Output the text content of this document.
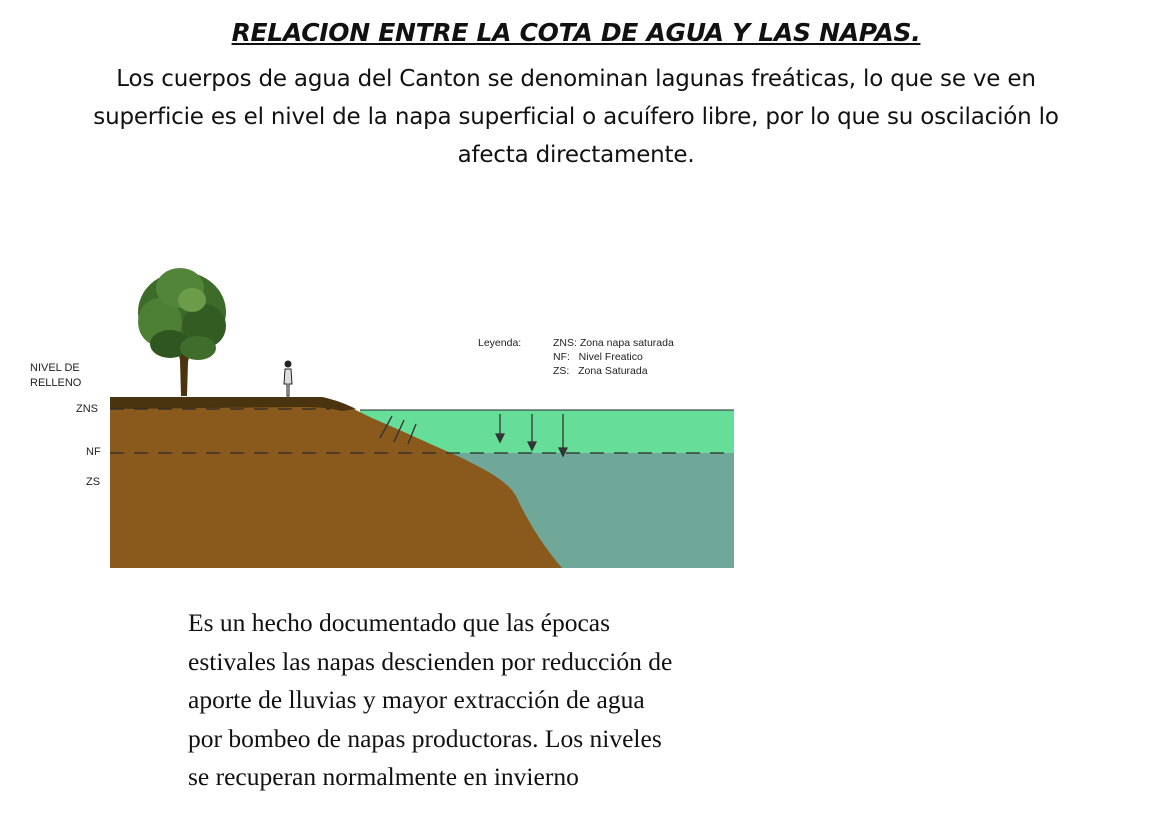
RELACION ENTRE LA COTA DE AGUA Y LAS NAPAS.
Los cuerpos de agua del Canton se denominan lagunas freáticas, lo que se ve en
superficie es el nivel de la napa superficial o acuífero libre, por lo que su oscilación lo
afecta directamente.
NIVEL DE
RELLENO
ZNS
NF
ZS
Leyenda:	ZNS: Zona napa saturada
NF:   Nivel Freatico
ZS:   Zona Saturada
Es un hecho documentado que las épocas
estivales las napas descienden por reducción de
aporte de lluvias y mayor extracción de agua
por bombeo de napas productoras. Los niveles
se recuperan normalmente en invierno
